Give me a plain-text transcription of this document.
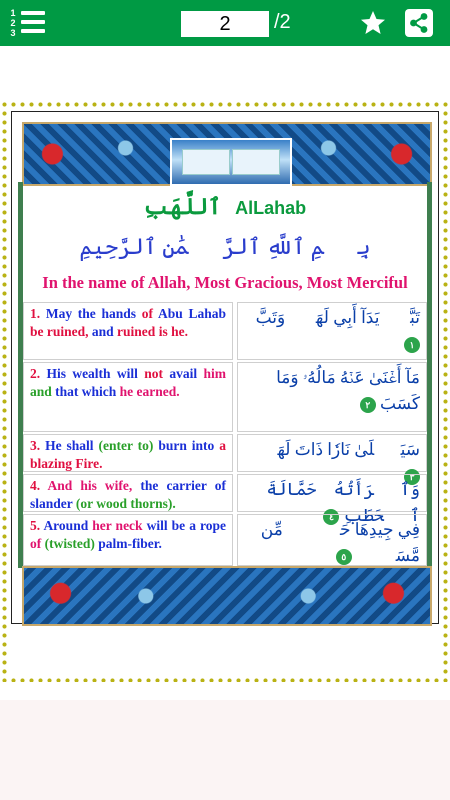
1
2
3
2	/2
ٱللَّهَبِ AlLahab
بِسۡمِ ٱللَّهِ ٱلرَّحۡمَٰنِ ٱلرَّحِيمِ
In the name of Allah, Most Gracious, Most Merciful
1. May the hands of Abu Lahab be ruined, and ruined is he.
تَبَّتۡ يَدَآ أَبِي لَهَبٖ وَتَبَّ ١
2. His wealth will not avail him and that which he earned.
مَآ أَغۡنَىٰ عَنۡهُ مَالُهُۥ وَمَا كَسَبَ ٢
3. He shall (enter to) burn into a blazing Fire.
سَيَصۡلَىٰ نَارٗا ذَاتَ لَهَبٖ ٣
4. And his wife, the carrier of slander (or wood thorns).
وَٱمۡرَأَتُهُۥ حَمَّالَةَ ٱلۡحَطَبِ ٤
5. Around her neck will be a rope of (twisted) palm-fiber.
فِي جِيدِهَا حَبۡلٞ مِّن مَّسَدِۭ ٥
